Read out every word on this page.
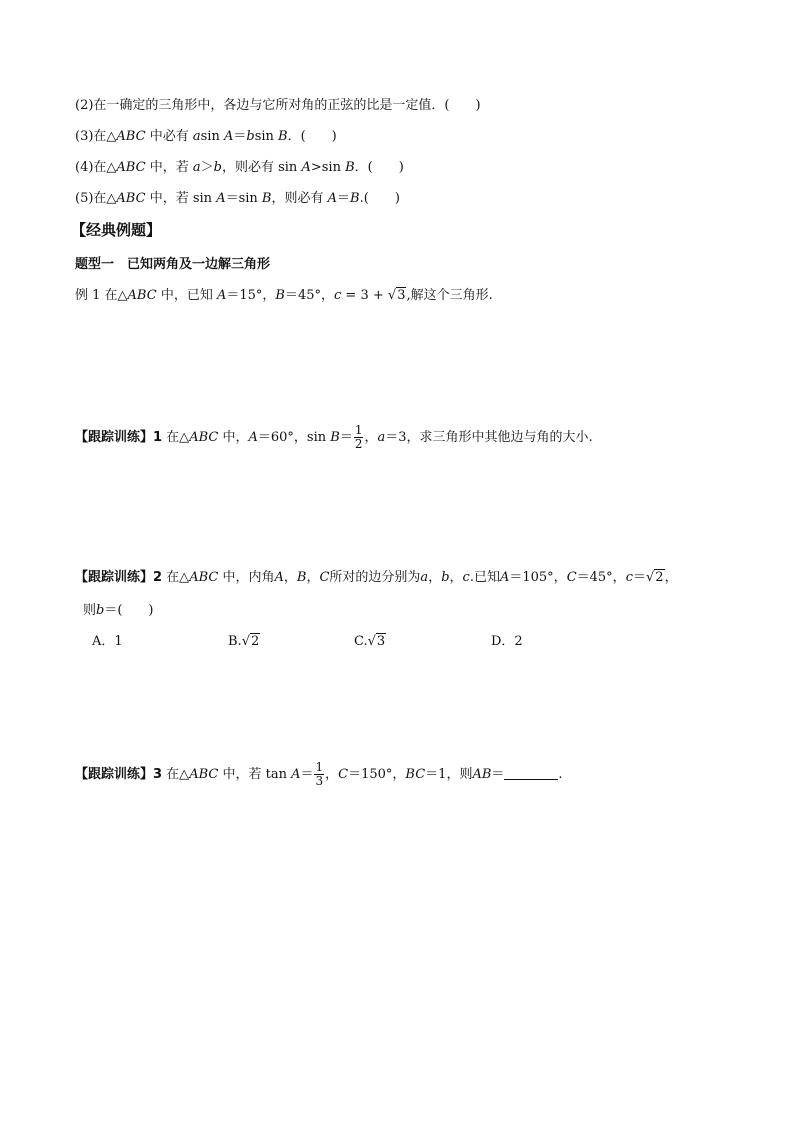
(2)在一确定的三角形中，各边与它所对角的正弦的比是一定值．(　　)
(3)在△ABC 中必有 asin A＝bsin B．(　　)
(4)在△ABC 中，若 a＞b，则必有 sin A>sin B．(　　)
(5)在△ABC 中，若 sin A＝sin B，则必有 A＝B.(　　)
【经典例题】
题型一　已知两角及一边解三角形
例 1 在△ABC 中，已知 A＝15°，B＝45°，c = 3 + √3,解这个三角形.
【跟踪训练】1 在△ABC 中，A＝60°，$\sin B= \frac{1}{2}$ ，a＝3，求三角形中其他边与角的大小.
【跟踪训练】2 在△ABC 中，内角A，B，C所对的边分别为a，b，c.已知A＝105°，C＝45°，c＝√2，
则b＝(　　)
A．1	B.√2	C.√3	D．2
【跟踪训练】3 在△ABC 中，若 $\tan A= \frac{1}{3}$ ，C＝150°，BC＝1，则AB＝	.
